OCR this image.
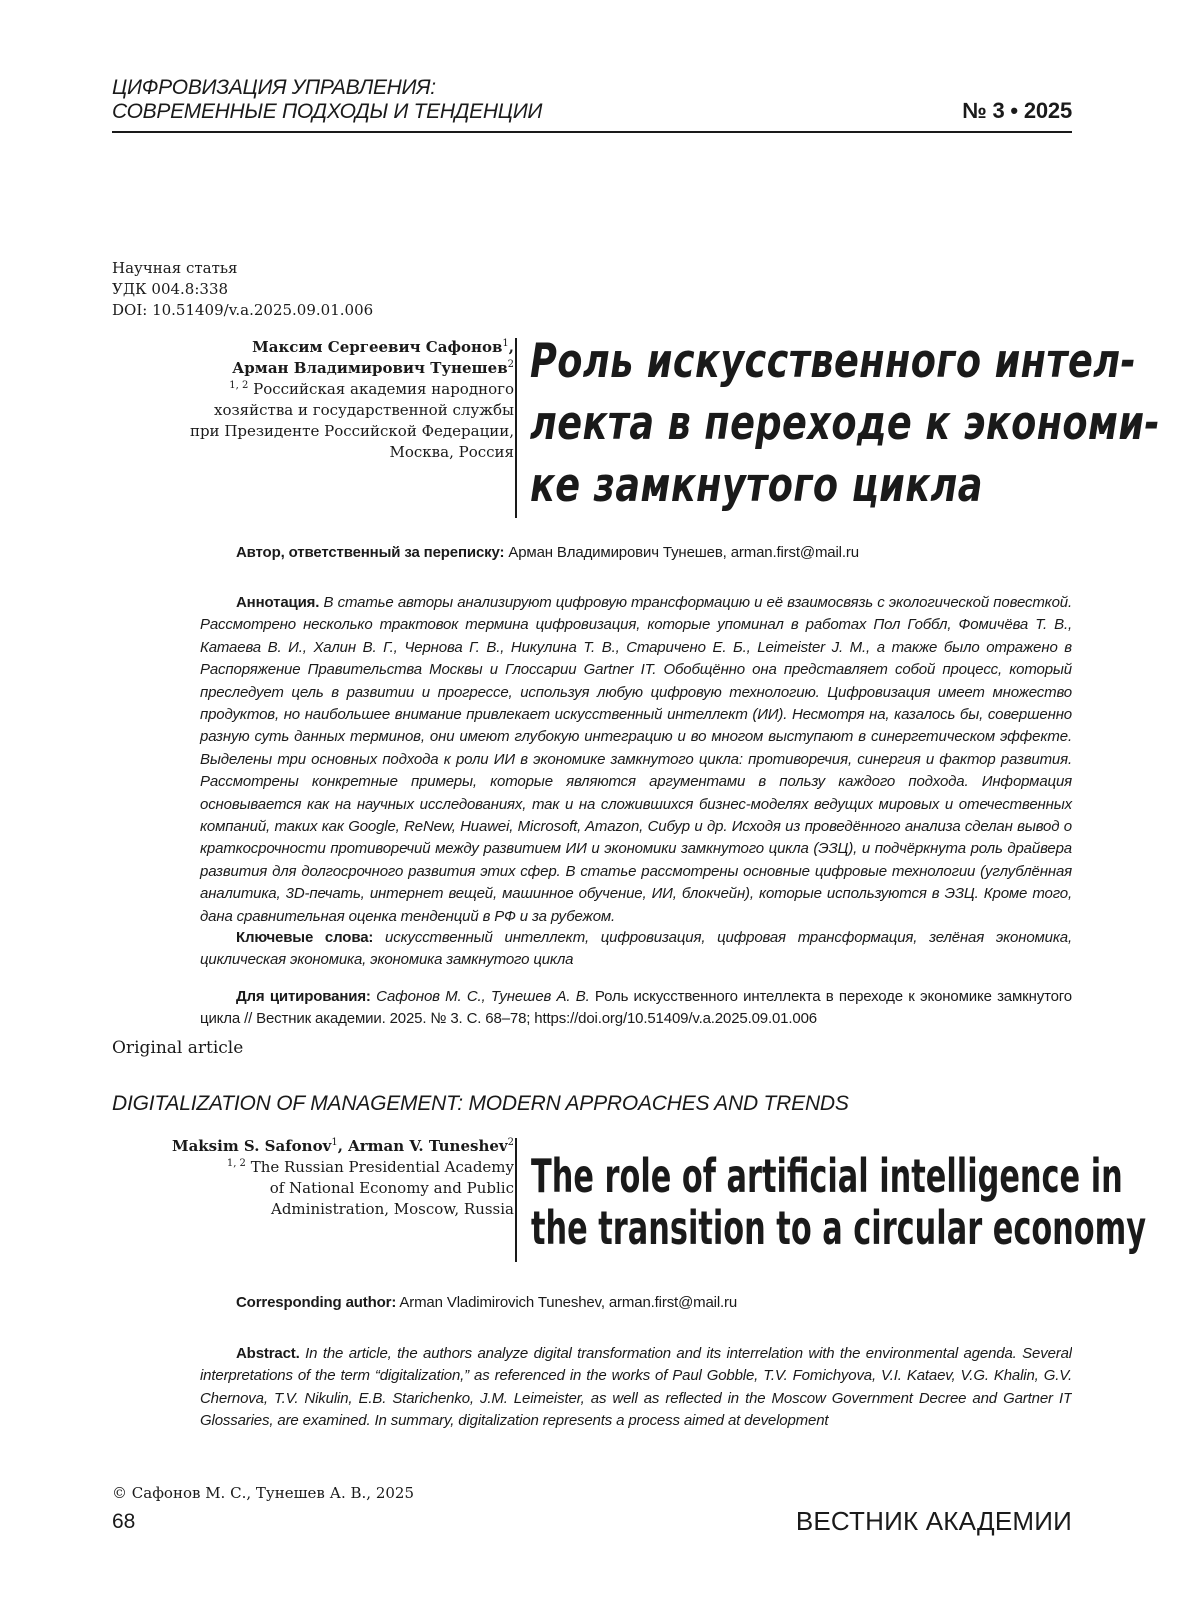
ЦИФРОВИЗАЦИЯ УПРАВЛЕНИЯ:
СОВРЕМЕННЫЕ ПОДХОДЫ И ТЕНДЕНЦИИ	№ 3 • 2025
Научная статья
УДК 004.8:338
DOI: 10.51409/v.a.2025.09.01.006
Максим Сергеевич Сафонов$^1$,
Арман Владимирович Тунешев$^2$
$^{1, 2}$ Российская академия народного
хозяйства и государственной службы
при Президенте Российской Федерации,
Москва, Россия
Роль искусственного интел-
лекта в переходе к экономи-
ке замкнутого цикла
Автор, ответственный за переписку: Арман Владимирович Тунешев, arman.first@mail.ru
Аннотация. В статье авторы анализируют цифровую трансформацию и её взаимосвязь с экологической повесткой. Рассмотрено несколько трактовок термина цифровизация, которые упоминал в работах Пол Гоббл, Фомичёва Т. В., Катаева В. И., Халин В. Г., Чернова Г. В., Никулина Т. В., Старичено Е. Б., Leimeister J. M., а также было отражено в Распоряжение Правительства Москвы и Глоссарии Gartner IT. Обобщённо она представляет собой процесс, который преследует цель в развитии и прогрессе, используя любую цифровую технологию. Цифровизация имеет множество продуктов, но наибольшее внимание привлекает искусственный интеллект (ИИ). Несмотря на, казалось бы, совершенно разную суть данных терминов, они имеют глубокую интеграцию и во многом выступают в синергетическом эффекте. Выделены три основных подхода к роли ИИ в экономике замкнутого цикла: противоречия, синергия и фактор развития. Рассмотрены конкретные примеры, которые являются аргументами в пользу каждого подхода. Информация основывается как на научных исследованиях, так и на сложившихся бизнес-моделях ведущих мировых и отечественных компаний, таких как Google, ReNew, Huawei, Microsoft, Amazon, Сибур и др. Исходя из проведённого анализа сделан вывод о краткосрочности противоречий между развитием ИИ и экономики замкнутого цикла (ЭЗЦ), и подчёркнута роль драйвера развития для долгосрочного развития этих сфер. В статье рассмотрены основные цифровые технологии (углублённая аналитика, 3D-печать, интернет вещей, машинное обучение, ИИ, блокчейн), которые используются в ЭЗЦ. Кроме того, дана сравнительная оценка тенденций в РФ и за рубежом.
Ключевые слова: искусственный интеллект, цифровизация, цифровая трансформация, зелёная экономика, циклическая экономика, экономика замкнутого цикла
Для цитирования: Сафонов М. С., Тунешев А. В. Роль искусственного интеллекта в переходе к экономике замкнутого цикла // Вестник академии. 2025. № 3. С. 68–78; https://doi.org/10.51409/v.a.2025.09.01.006
Original article
DIGITALIZATION OF MANAGEMENT: MODERN APPROACHES AND TRENDS
Maksim S. Safonov$^1$, Arman V. Tuneshev$^2$
$^{1, 2}$ The Russian Presidential Academy
of National Economy and Public
Administration, Moscow, Russia
The role of artificial intelligence in
the transition to a circular economy
Corresponding author: Arman Vladimirovich Tuneshev, arman.first@mail.ru
Abstract. In the article, the authors analyze digital transformation and its interrelation with the environmental agenda. Several interpretations of the term “digitalization,” as referenced in the works of Paul Gobble, T.V. Fomichyova, V.I. Kataev, V.G. Khalin, G.V. Chernova, T.V. Nikulin, E.B. Starichenko, J.M. Leimeister, as well as reflected in the Moscow Government Decree and Gartner IT Glossaries, are examined. In summary, digitalization represents a process aimed at development
© Сафонов М. С., Тунешев А. В., 2025
68	ВЕСТНИК АКАДЕМИИ
